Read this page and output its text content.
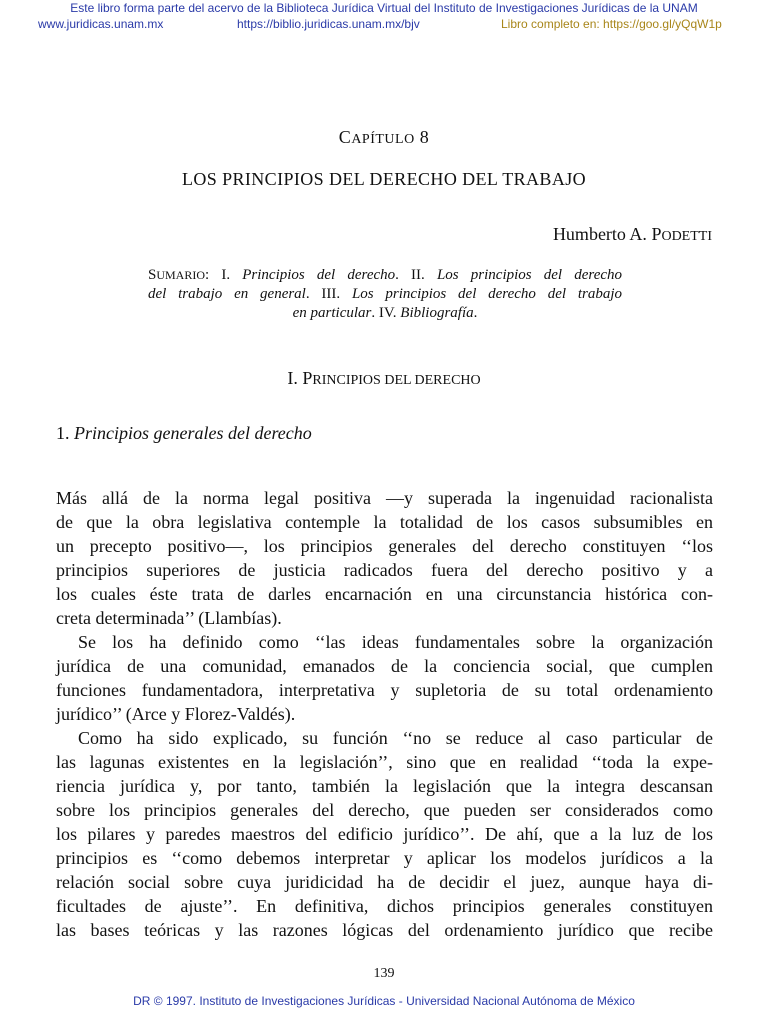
Este libro forma parte del acervo de la Biblioteca Jurídica Virtual del Instituto de Investigaciones Jurídicas de la UNAM
www.juridicas.unam.mx	https://biblio.juridicas.unam.mx/bjv	Libro completo en: https://goo.gl/yQqW1p
CAPÍTULO 8
LOS PRINCIPIOS DEL DERECHO DEL TRABAJO
Humberto A. PODETTI
SUMARIO: I. Principios del derecho. II. Los principios del derecho
del trabajo en general. III. Los principios del derecho del trabajo
en particular. IV. Bibliografía.
I. PRINCIPIOS DEL DERECHO
1. Principios generales del derecho
Más allá de la norma legal positiva —y superada la ingenuidad racionalista
de que la obra legislativa contemple la totalidad de los casos subsumibles en
un precepto positivo—, los principios generales del derecho constituyen ‘‘los
principios superiores de justicia radicados fuera del derecho positivo y a
los cuales éste trata de darles encarnación en una circunstancia histórica con-
creta determinada’’ (Llambías).
Se los ha definido como ‘‘las ideas fundamentales sobre la organización
jurídica de una comunidad, emanados de la conciencia social, que cumplen
funciones fundamentadora, interpretativa y supletoria de su total ordenamiento
jurídico’’ (Arce y Florez-Valdés).
Como ha sido explicado, su función ‘‘no se reduce al caso particular de
las lagunas existentes en la legislación’’, sino que en realidad ‘‘toda la expe-
riencia jurídica y, por tanto, también la legislación que la integra descansan
sobre los principios generales del derecho, que pueden ser considerados como
los pilares y paredes maestros del edificio jurídico’’. De ahí, que a la luz de los
principios es ‘‘como debemos interpretar y aplicar los modelos jurídicos a la
relación social sobre cuya juridicidad ha de decidir el juez, aunque haya di-
ficultades de ajuste’’. En definitiva, dichos principios generales constituyen
las bases teóricas y las razones lógicas del ordenamiento jurídico que recibe
139
DR © 1997. Instituto de Investigaciones Jurídicas - Universidad Nacional Autónoma de México
